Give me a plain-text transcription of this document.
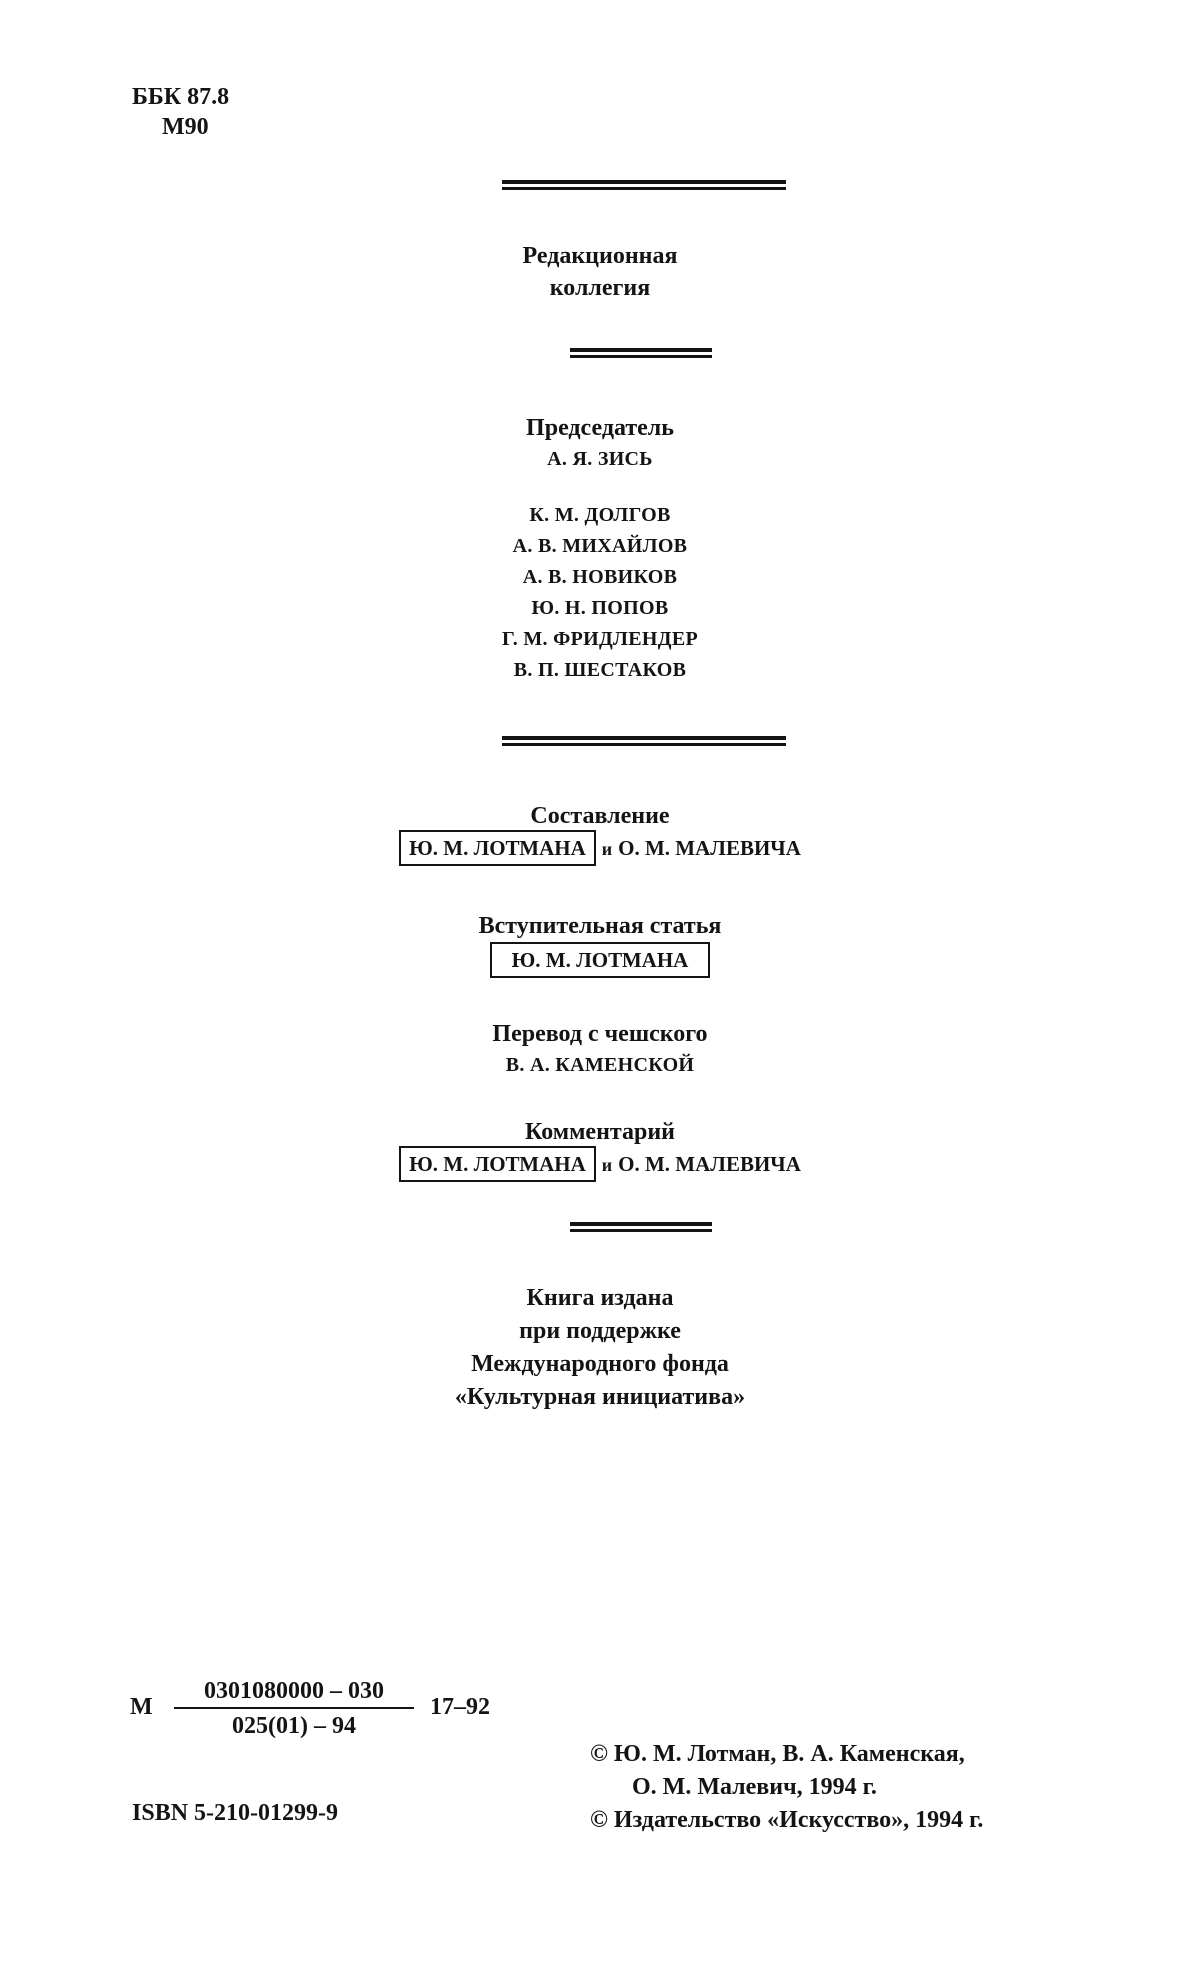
ББК 87.8
М90
Редакционная
коллегия
Председатель
А. Я. ЗИСЬ
К. М. ДОЛГОВ
А. В. МИХАЙЛОВ
А. В. НОВИКОВ
Ю. Н. ПОПОВ
Г. М. ФРИДЛЕНДЕР
В. П. ШЕСТАКОВ
Составление
Ю. М. ЛОТМАНА и О. М. МАЛЕВИЧА
Вступительная статья
Ю. М. ЛОТМАНА
Перевод с чешского
В. А. КАМЕНСКОЙ
Комментарий
Ю. М. ЛОТМАНА и О. М. МАЛЕВИЧА
Книга издана
при поддержке
Международного фонда
«Культурная инициатива»
М $\frac{0301080000 - 030}{025(01) - 94} 17-92$
ISBN 5-210-01299-9
© Ю. М. Лотман, В. А. Каменская,
О. М. Малевич, 1994 г.
© Издательство «Искусство», 1994 г.
